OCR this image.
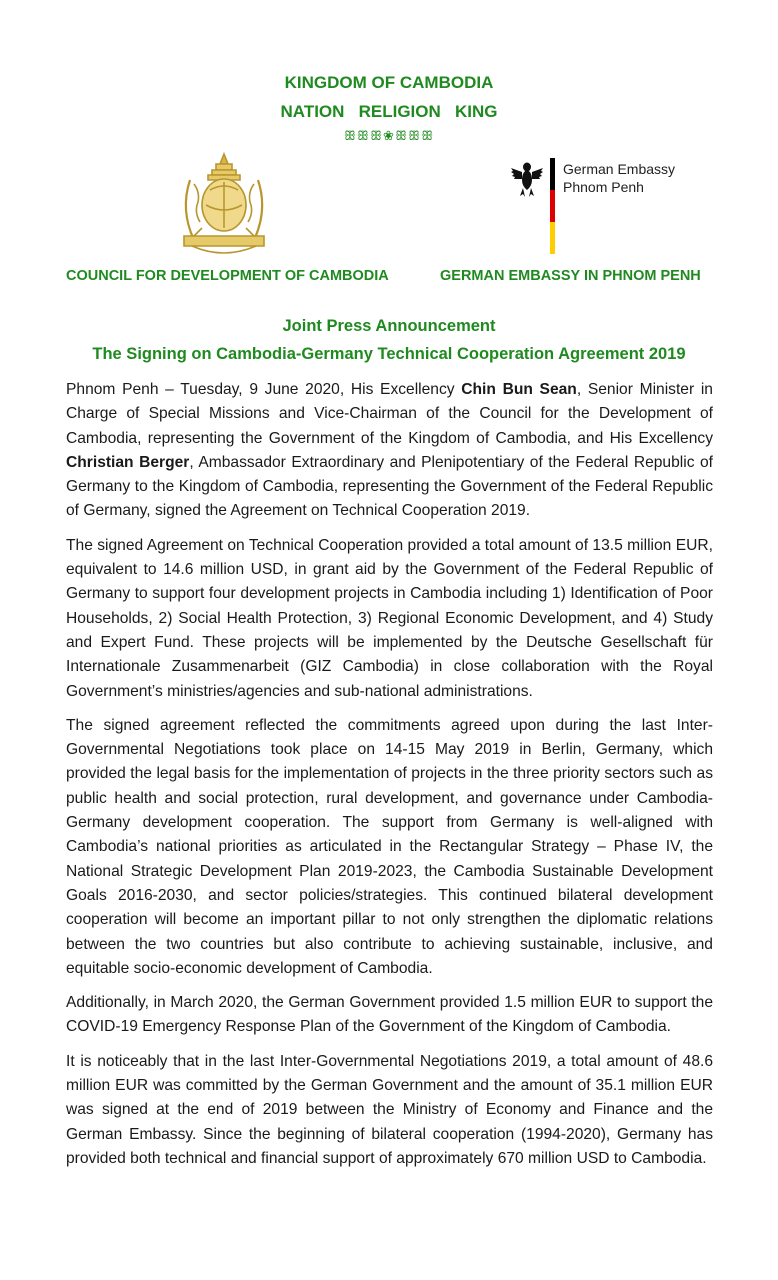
KINGDOM OF CAMBODIA
NATION   RELIGION   KING
ꕥꕥꕥ❀ꕥꕥꕥ
German Embassy
Phnom Penh
COUNCIL FOR DEVELOPMENT OF CAMBODIA	GERMAN EMBASSY IN PHNOM PENH
Joint Press Announcement
The Signing on Cambodia-Germany Technical Cooperation Agreement 2019

Phnom Penh – Tuesday, 9 June 2020, His Excellency Chin Bun Sean, Senior Minister in Charge of Special Missions and Vice-Chairman of the Council for the Development of Cambodia, representing the Government of the Kingdom of Cambodia, and His Excellency Christian Berger, Ambassador Extraordinary and Plenipotentiary of the Federal Republic of Germany to the Kingdom of Cambodia, representing the Government of the Federal Republic of Germany, signed the Agreement on Technical Cooperation 2019.

The signed Agreement on Technical Cooperation provided a total amount of 13.5 million EUR, equivalent to 14.6 million USD, in grant aid by the Government of the Federal Republic of Germany to support four development projects in Cambodia including 1) Identification of Poor Households, 2) Social Health Protection, 3) Regional Economic Development, and 4) Study and Expert Fund. These projects will be implemented by the Deutsche Gesellschaft für Internationale Zusammenarbeit (GIZ Cambodia) in close collaboration with the Royal Government’s ministries/agencies and sub-national administrations.

The signed agreement reflected the commitments agreed upon during the last Inter-Governmental Negotiations took place on 14-15 May 2019 in Berlin, Germany, which provided the legal basis for the implementation of projects in the three priority sectors such as public health and social protection, rural development, and governance under Cambodia-Germany development cooperation. The support from Germany is well-aligned with Cambodia’s national priorities as articulated in the Rectangular Strategy – Phase IV, the National Strategic Development Plan 2019-2023, the Cambodia Sustainable Development Goals 2016-2030, and sector policies/strategies. This continued bilateral development cooperation will become an important pillar to not only strengthen the diplomatic relations between the two countries but also contribute to achieving sustainable, inclusive, and equitable socio-economic development of Cambodia.

Additionally, in March 2020, the German Government provided 1.5 million EUR to support the COVID-19 Emergency Response Plan of the Government of the Kingdom of Cambodia.

It is noticeably that in the last Inter-Governmental Negotiations 2019, a total amount of 48.6 million EUR was committed by the German Government and the amount of 35.1 million EUR was signed at the end of 2019 between the Ministry of Economy and Finance and the German Embassy. Since the beginning of bilateral cooperation (1994-2020), Germany has provided both technical and financial support of approximately 670 million USD to Cambodia.
